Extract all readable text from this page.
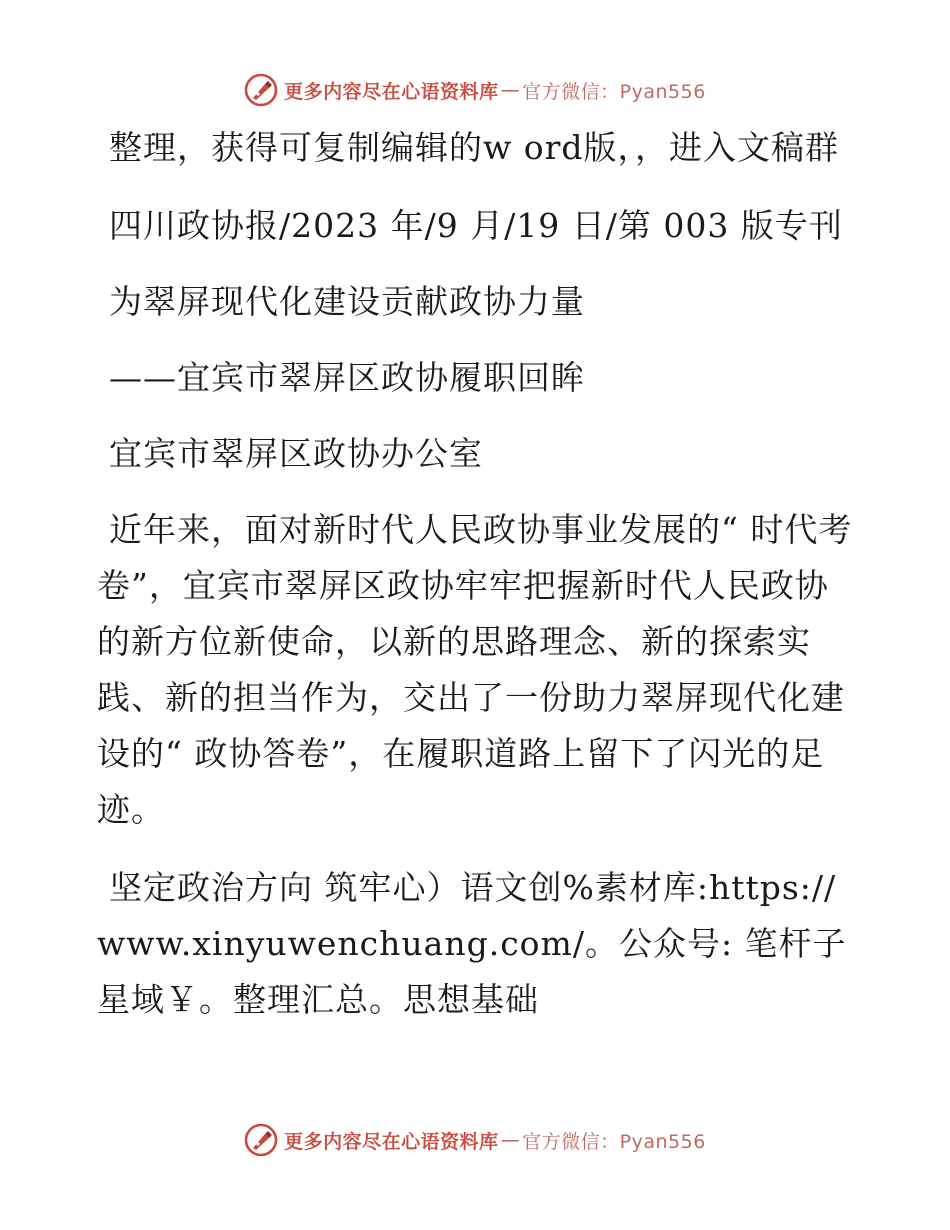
更多内容尽在心语资料库 — 官方微信：Pyan556

整理，获得可复制编辑的w ord版，，进入文稿群

四川政协报/2023 年/9 月/19 日/第 003 版专刊

为翠屏现代化建设贡献政协力量

——宜宾市翠屏区政协履职回眸

宜宾市翠屏区政协办公室

近年来，面对新时代人民政协事业发展的“ 时代考卷”，宜宾市翠屏区政协牢牢把握新时代人民政协的新方位新使命，以新的思路理念、新的探索实践、新的担当作为，交出了一份助力翠屏现代化建设的“ 政协答卷”，在履职道路上留下了闪光的足迹。

坚定政治方向 筑牢心）语文创%素材库:https://www.xinyuwenchuang.com/。公众号: 笔杆子星域￥。整理汇总。思想基础

更多内容尽在心语资料库 — 官方微信：Pyan556
